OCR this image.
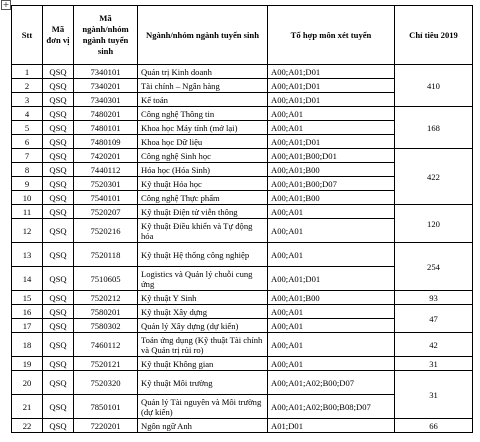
+
Stt	Mã đơn vị	Mã ngành/nhóm ngành tuyển sinh	Ngành/nhóm ngành tuyển sinh	Tổ hợp môn xét tuyển	Chỉ tiêu 2019
1	QSQ	7340101	Quản trị Kinh doanh	A00;A01;D01	410
2	QSQ	7340201	Tài chính – Ngân hàng	A00;A01;D01	
3	QSQ	7340301	Kế toán	A00;A01;D01	
4	QSQ	7480201	Công nghệ Thông tin	A00;A01	168
5	QSQ	7480101	Khoa học Máy tính (mở lại)	A00;A01	
6	QSQ	7480109	Khoa học Dữ liệu	A00;A01;D01	
7	QSQ	7420201	Công nghệ Sinh học	A00;A01;B00;D01	422
8	QSQ	7440112	Hóa học (Hóa Sinh)	A00;A01;B00	
9	QSQ	7520301	Kỹ thuật Hóa học	A00;A01;B00;D07	
10	QSQ	7540101	Công nghệ Thực phẩm	A00;A01;B00	
11	QSQ	7520207	Kỹ thuật Điện tử viễn thông	A00;A01	120
12	QSQ	7520216	Kỹ thuật Điều khiển và Tự động hóa	A00;A01	
13	QSQ	7520118	Kỹ thuật Hệ thống công nghiệp	A00;A01	254
14	QSQ	7510605	Logistics và Quản lý chuỗi cung ứng	A00;A01;D01	
15	QSQ	7520212	Kỹ thuật Y Sinh	A00;A01;B00	93
16	QSQ	7580201	Kỹ thuật Xây dựng	A00;A01	47
17	QSQ	7580302	Quản lý Xây dựng (dự kiến)	A00;A01	
18	QSQ	7460112	Toán ứng dụng (Kỹ thuật Tài chính và Quản trị rủi ro)	A00;A01	42
19	QSQ	7520121	Kỹ thuật Không gian	A00;A01	31
20	QSQ	7520320	Kỹ thuật Môi trường	A00;A01;A02;B00;D07	31
21	QSQ	7850101	Quản lý Tài nguyên và Môi trường (dự kiến)	A00;A01;A02;B00;B08;D07	
22	QSQ	7220201	Ngôn ngữ Anh	A01;D01	66
